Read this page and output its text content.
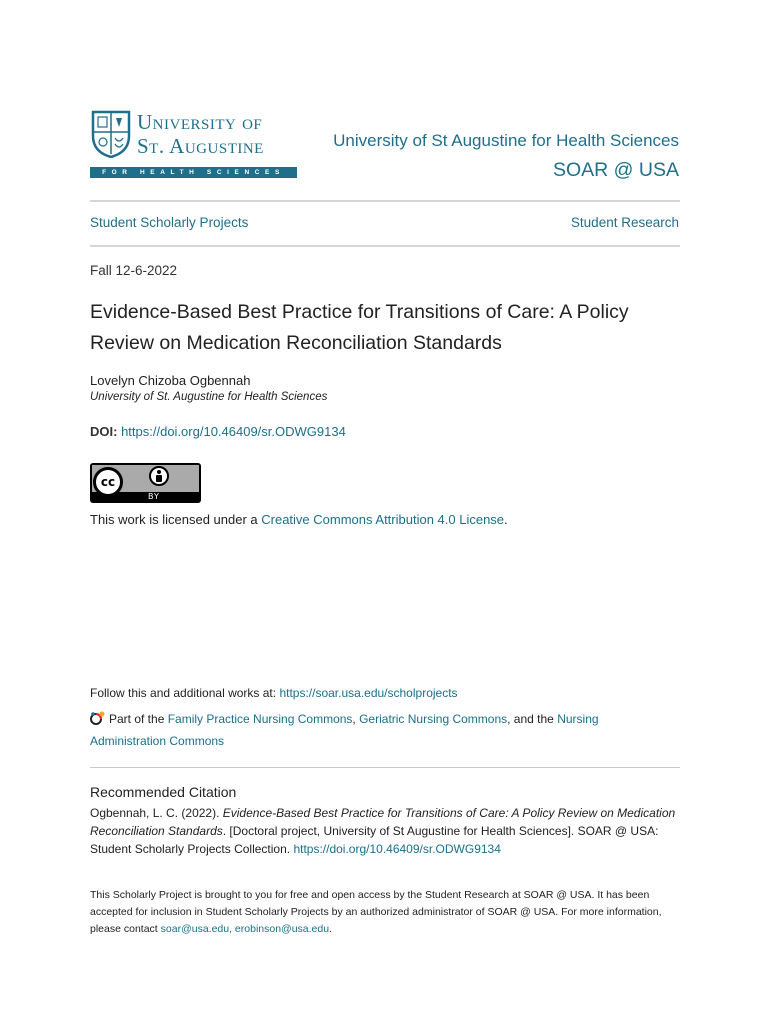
University of
St. Augustine
FOR HEALTH SCIENCES
University of St Augustine for Health Sciences
SOAR @ USA
Student Scholarly Projects	Student Research
Fall 12-6-2022
Evidence-Based Best Practice for Transitions of Care: A Policy Review on Medication Reconciliation Standards
Lovelyn Chizoba Ogbennah
University of St. Augustine for Health Sciences
DOI: https://doi.org/10.46409/sr.ODWG9134
cc
BY
This work is licensed under a Creative Commons Attribution 4.0 License.
Follow this and additional works at: https://soar.usa.edu/scholprojects
Part of the Family Practice Nursing Commons, Geriatric Nursing Commons, and the Nursing Administration Commons
Recommended Citation
Ogbennah, L. C. (2022). Evidence-Based Best Practice for Transitions of Care: A Policy Review on Medication Reconciliation Standards. [Doctoral project, University of St Augustine for Health Sciences]. SOAR @ USA: Student Scholarly Projects Collection. https://doi.org/10.46409/sr.ODWG9134
This Scholarly Project is brought to you for free and open access by the Student Research at SOAR @ USA. It has been accepted for inclusion in Student Scholarly Projects by an authorized administrator of SOAR @ USA. For more information, please contact soar@usa.edu, erobinson@usa.edu.
